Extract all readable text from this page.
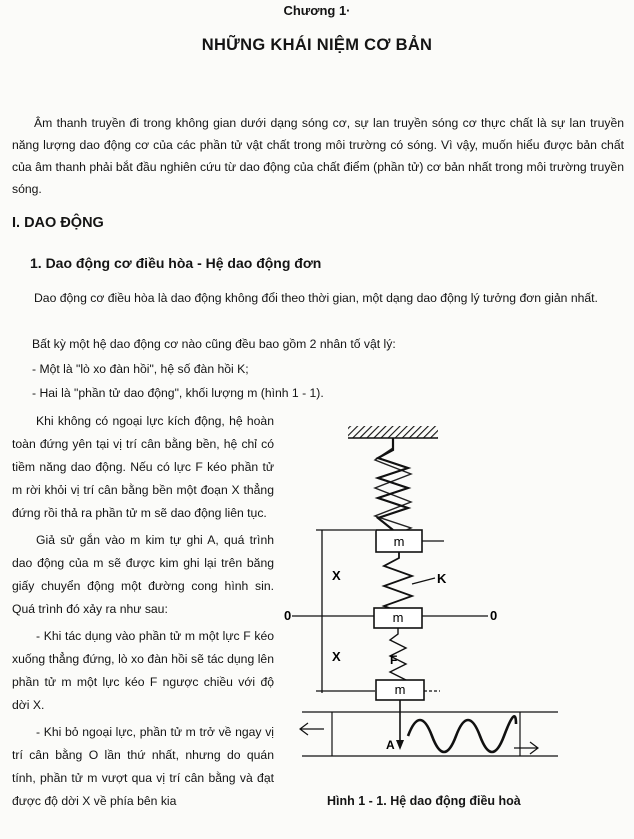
Chương 1·
NHỮNG KHÁI NIỆM CƠ BẢN

Âm thanh truyền đi trong không gian dưới dạng sóng cơ, sự lan truyền sóng cơ thực chất là sự lan truyền năng lượng dao động cơ của các phần tử vật chất trong môi trường có sóng. Vì vậy, muốn hiểu được bản chất của âm thanh phải bắt đầu nghiên cứu từ dao động của chất điểm (phần tử) cơ bản nhất trong môi trường truyền sóng.

I. DAO ĐỘNG
1. Dao động cơ điều hòa - Hệ dao động đơn

Dao động cơ điều hòa là dao động không đổi theo thời gian, một dạng dao động lý tưởng đơn giản nhất.

Bất kỳ một hệ dao động cơ nào cũng đều bao gồm 2 nhân tố vật lý:
- Một là "lò xo đàn hồi", hệ số đàn hồi K;
- Hai là "phần tử dao động", khối lượng m (hình 1 - 1).

Khi không có ngoại lực kích động, hệ hoàn toàn đứng yên tại vị trí cân bằng bền, hệ chỉ có tiềm năng dao động. Nếu có lực F kéo phần tử m rời khỏi vị trí cân bằng bền một đoạn X thẳng đứng rồi thả ra phần tử m sẽ dao động liên tục.

Giả sử gắn vào m kim tự ghi A, quá trình dao động của m sẽ được kim ghi lại trên băng giấy chuyển động một đường cong hình sin. Quá trình đó xảy ra như sau:

- Khi tác dụng vào phần tử m một lực F kéo xuống thẳng đứng, lò xo đàn hồi sẽ tác dụng lên phần tử m một lực kéo F ngược chiều với độ dời X.

- Khi bỏ ngoại lực, phần tử m trở về ngay vị trí cân bằng O lần thứ nhất, nhưng do quán tính, phần tử m vượt qua vị trí cân bằng và đạt được độ dời X về phía bên kia

m
K
0	0
m
X
X	F
m
A
Hình 1 - 1. Hệ dao động điều hoà
